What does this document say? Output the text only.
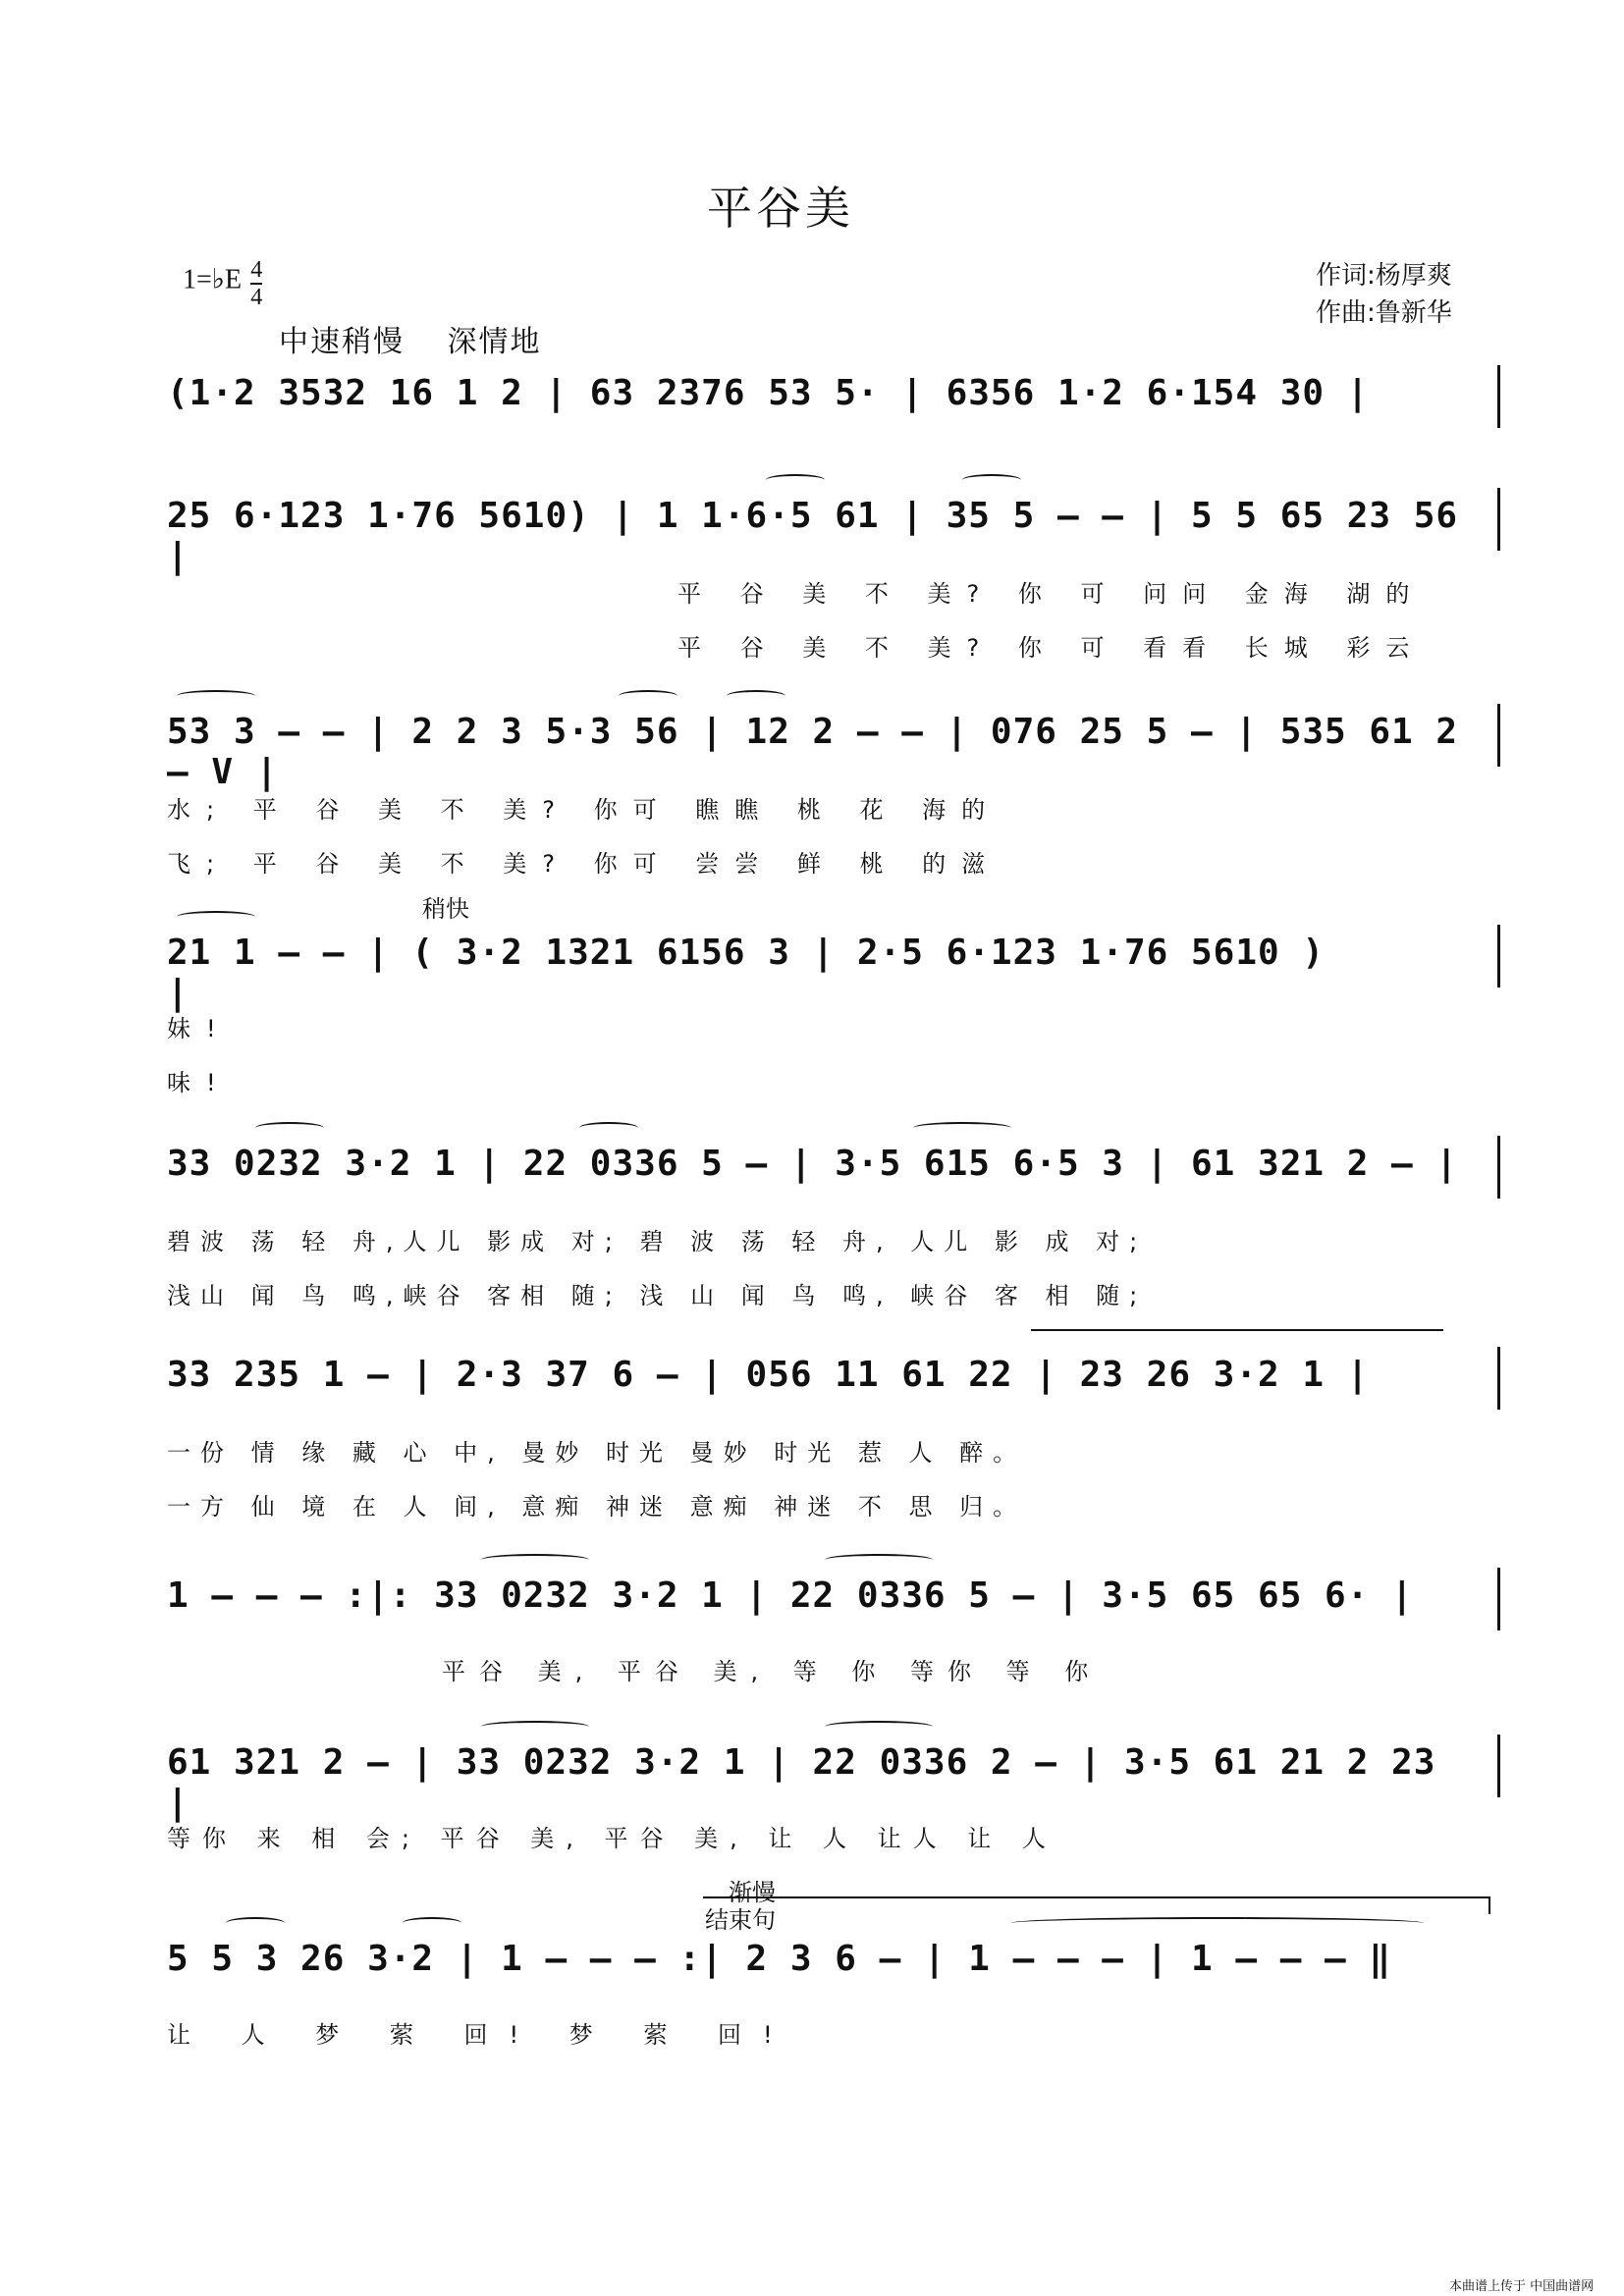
平谷美
1=♭E $\frac{4}{4}$	作词:杨厚爽
作曲:鲁新华
中速稍慢　 深情地
(1·2 3532 16 1 2 | 63 2376 53 5· | 6356 1·2 6·154 30 |
25 6·123 1·76 5610) | 1 1·6·5 61 | 35 5 – – | 5 5 65 23 56 |
平 谷 美 不 美? 你 可 问问 金海 湖的
平 谷 美 不 美? 你 可 看看 长城 彩云
53 3 – – | 2 2 3 5·3 56 | 12 2 – – | 076 25 5 – | 535 61 2 – V |
水; 平 谷 美 不 美? 你可 瞧瞧 桃 花 海的
飞; 平 谷 美 不 美? 你可 尝尝 鲜 桃 的滋
稍快
21 1 – – | ( 3·2 1321 6156 3 | 2·5 6·123 1·76 5610 ) |
妹!
味!
33 0232 3·2 1 | 22 0336 5 – | 3·5 615 6·5 3 | 61 321 2 – |
碧波 荡 轻 舟,人儿 影成 对; 碧 波 荡 轻 舟, 人儿 影 成 对;
浅山 闻 鸟 鸣,峡谷 客相 随; 浅 山 闻 鸟 鸣, 峡谷 客 相 随;
33 235 1 – | 2·3 37 6 – | 056 11 61 22 | 23 26 3·2 1 |
一份 情 缘 藏 心 中, 曼妙 时光 曼妙 时光 惹 人 醉。
一方 仙 境 在 人 间, 意痴 神迷 意痴 神迷 不 思 归。
1 – – – :|: 33 0232 3·2 1 | 22 0336 5 – | 3·5 65 65 6· |
平谷 美, 平谷 美, 等 你 等你 等 你
61 321 2 – | 33 0232 3·2 1 | 22 0336 2 – | 3·5 61 21 2 23 |
等你 来 相 会; 平谷 美, 平谷 美, 让 人 让人 让 人
渐慢
结束句
5 5 3 26 3·2 | 1 – – – :| 2 3 6 – | 1 – – – | 1 – – – ‖
让 人 梦 萦 回! 梦 萦 回!
本曲谱上传于 中国曲谱网
